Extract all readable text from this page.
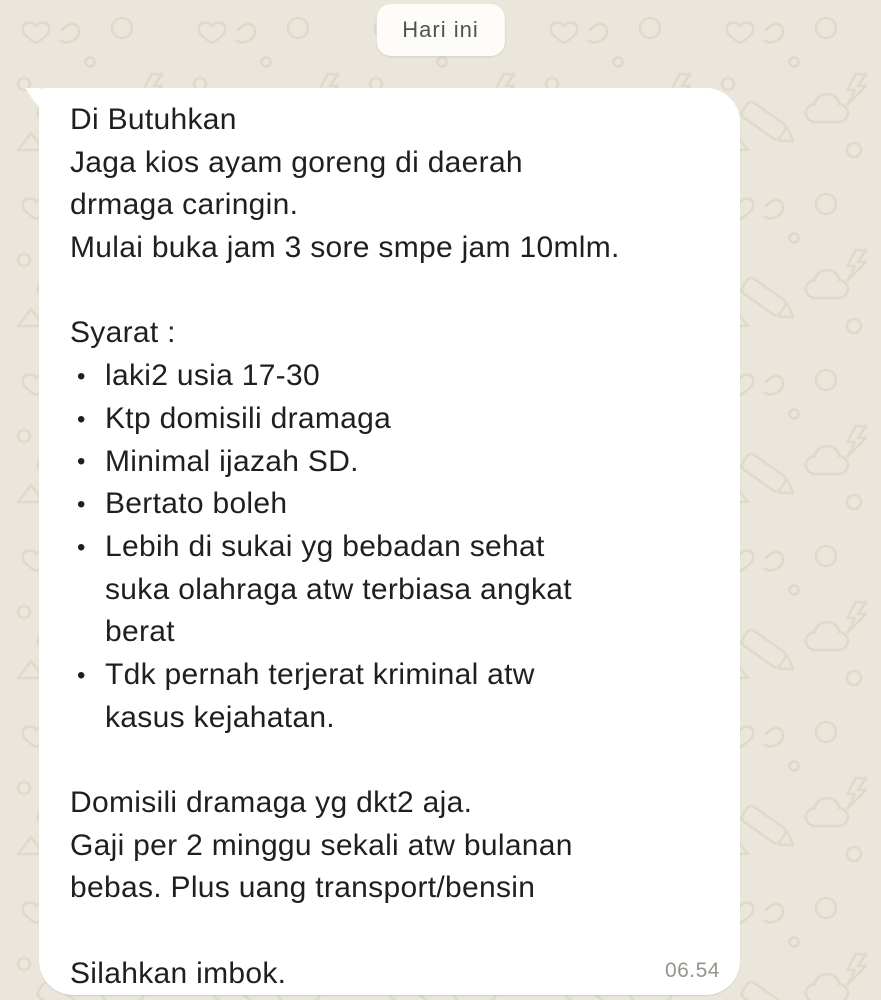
Hari ini
Di Butuhkan
Jaga kios ayam goreng di daerah
drmaga caringin.
Mulai buka jam 3 sore smpe jam 10mlm.
Syarat :
• laki2 usia 17-30
• Ktp domisili dramaga
• Minimal ijazah SD.
• Bertato boleh
• Lebih di sukai yg bebadan sehat
suka olahraga atw terbiasa angkat
berat
• Tdk pernah terjerat kriminal atw
kasus kejahatan.
Domisili dramaga yg dkt2 aja.
Gaji per 2 minggu sekali atw bulanan
bebas. Plus uang transport/bensin
Silahkan imbok.	06.54
